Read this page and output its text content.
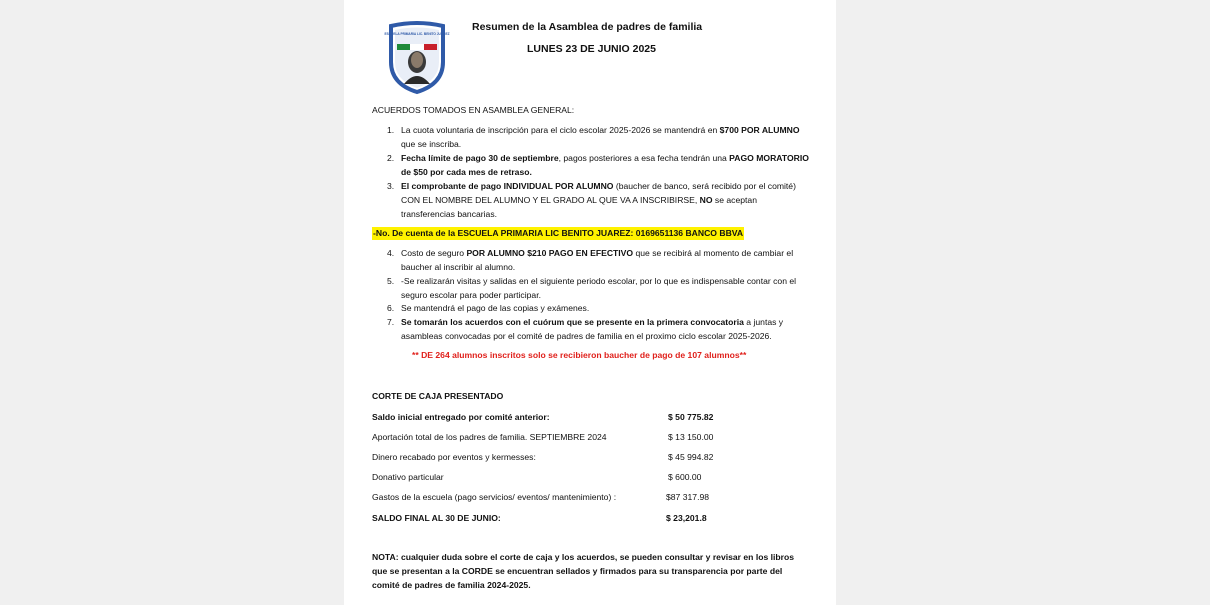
ESCUELA PRIMARIA LIC. BENITO JUAREZ
Resumen de la Asamblea de padres de familia
LUNES 23 DE JUNIO 2025
ACUERDOS TOMADOS EN ASAMBLEA GENERAL:
1. La cuota voluntaria de inscripción para el ciclo escolar 2025-2026 se mantendrá en $700 POR ALUMNO que se inscriba.
2. Fecha límite de pago 30 de septiembre, pagos posteriores a esa fecha tendrán una PAGO MORATORIO de $50 por cada mes de retraso.
3. El comprobante de pago INDIVIDUAL POR ALUMNO (baucher de banco, será recibido por el comité) CON EL NOMBRE DEL ALUMNO Y EL GRADO AL QUE VA A INSCRIBIRSE, NO se aceptan transferencias bancarias.
-No. De cuenta de la ESCUELA PRIMARIA LIC BENITO JUAREZ: 0169651136 BANCO BBVA
4. Costo de seguro POR ALUMNO $210 PAGO EN EFECTIVO que se recibirá al momento de cambiar el baucher al inscribir al alumno.
5. -Se realizarán visitas y salidas en el siguiente periodo escolar, por lo que es indispensable contar con el seguro escolar para poder participar.
6. Se mantendrá el pago de las copias y exámenes.
7. Se tomarán los acuerdos con el cuórum que se presente en la primera convocatoria a juntas y asambleas convocadas por el comité de padres de familia en el proximo ciclo escolar 2025-2026.
** DE 264 alumnos inscritos solo se recibieron baucher de pago de 107 alumnos**
CORTE DE CAJA PRESENTADO
Saldo inicial entregado por comité anterior:	$ 50 775.82
Aportación total de los padres de familia. SEPTIEMBRE 2024	$ 13 150.00
Dinero recabado por eventos y kermesses:	$ 45 994.82
Donativo particular	$ 600.00
Gastos de la escuela (pago servicios/ eventos/ mantenimiento) :	$87 317.98
SALDO FINAL AL 30 DE JUNIO:	$ 23,201.8
NOTA: cualquier duda sobre el corte de caja y los acuerdos, se pueden consultar y revisar en los libros que se presentan a la CORDE se encuentran sellados y firmados para su transparencia por parte del comité de padres de familia 2024-2025.
